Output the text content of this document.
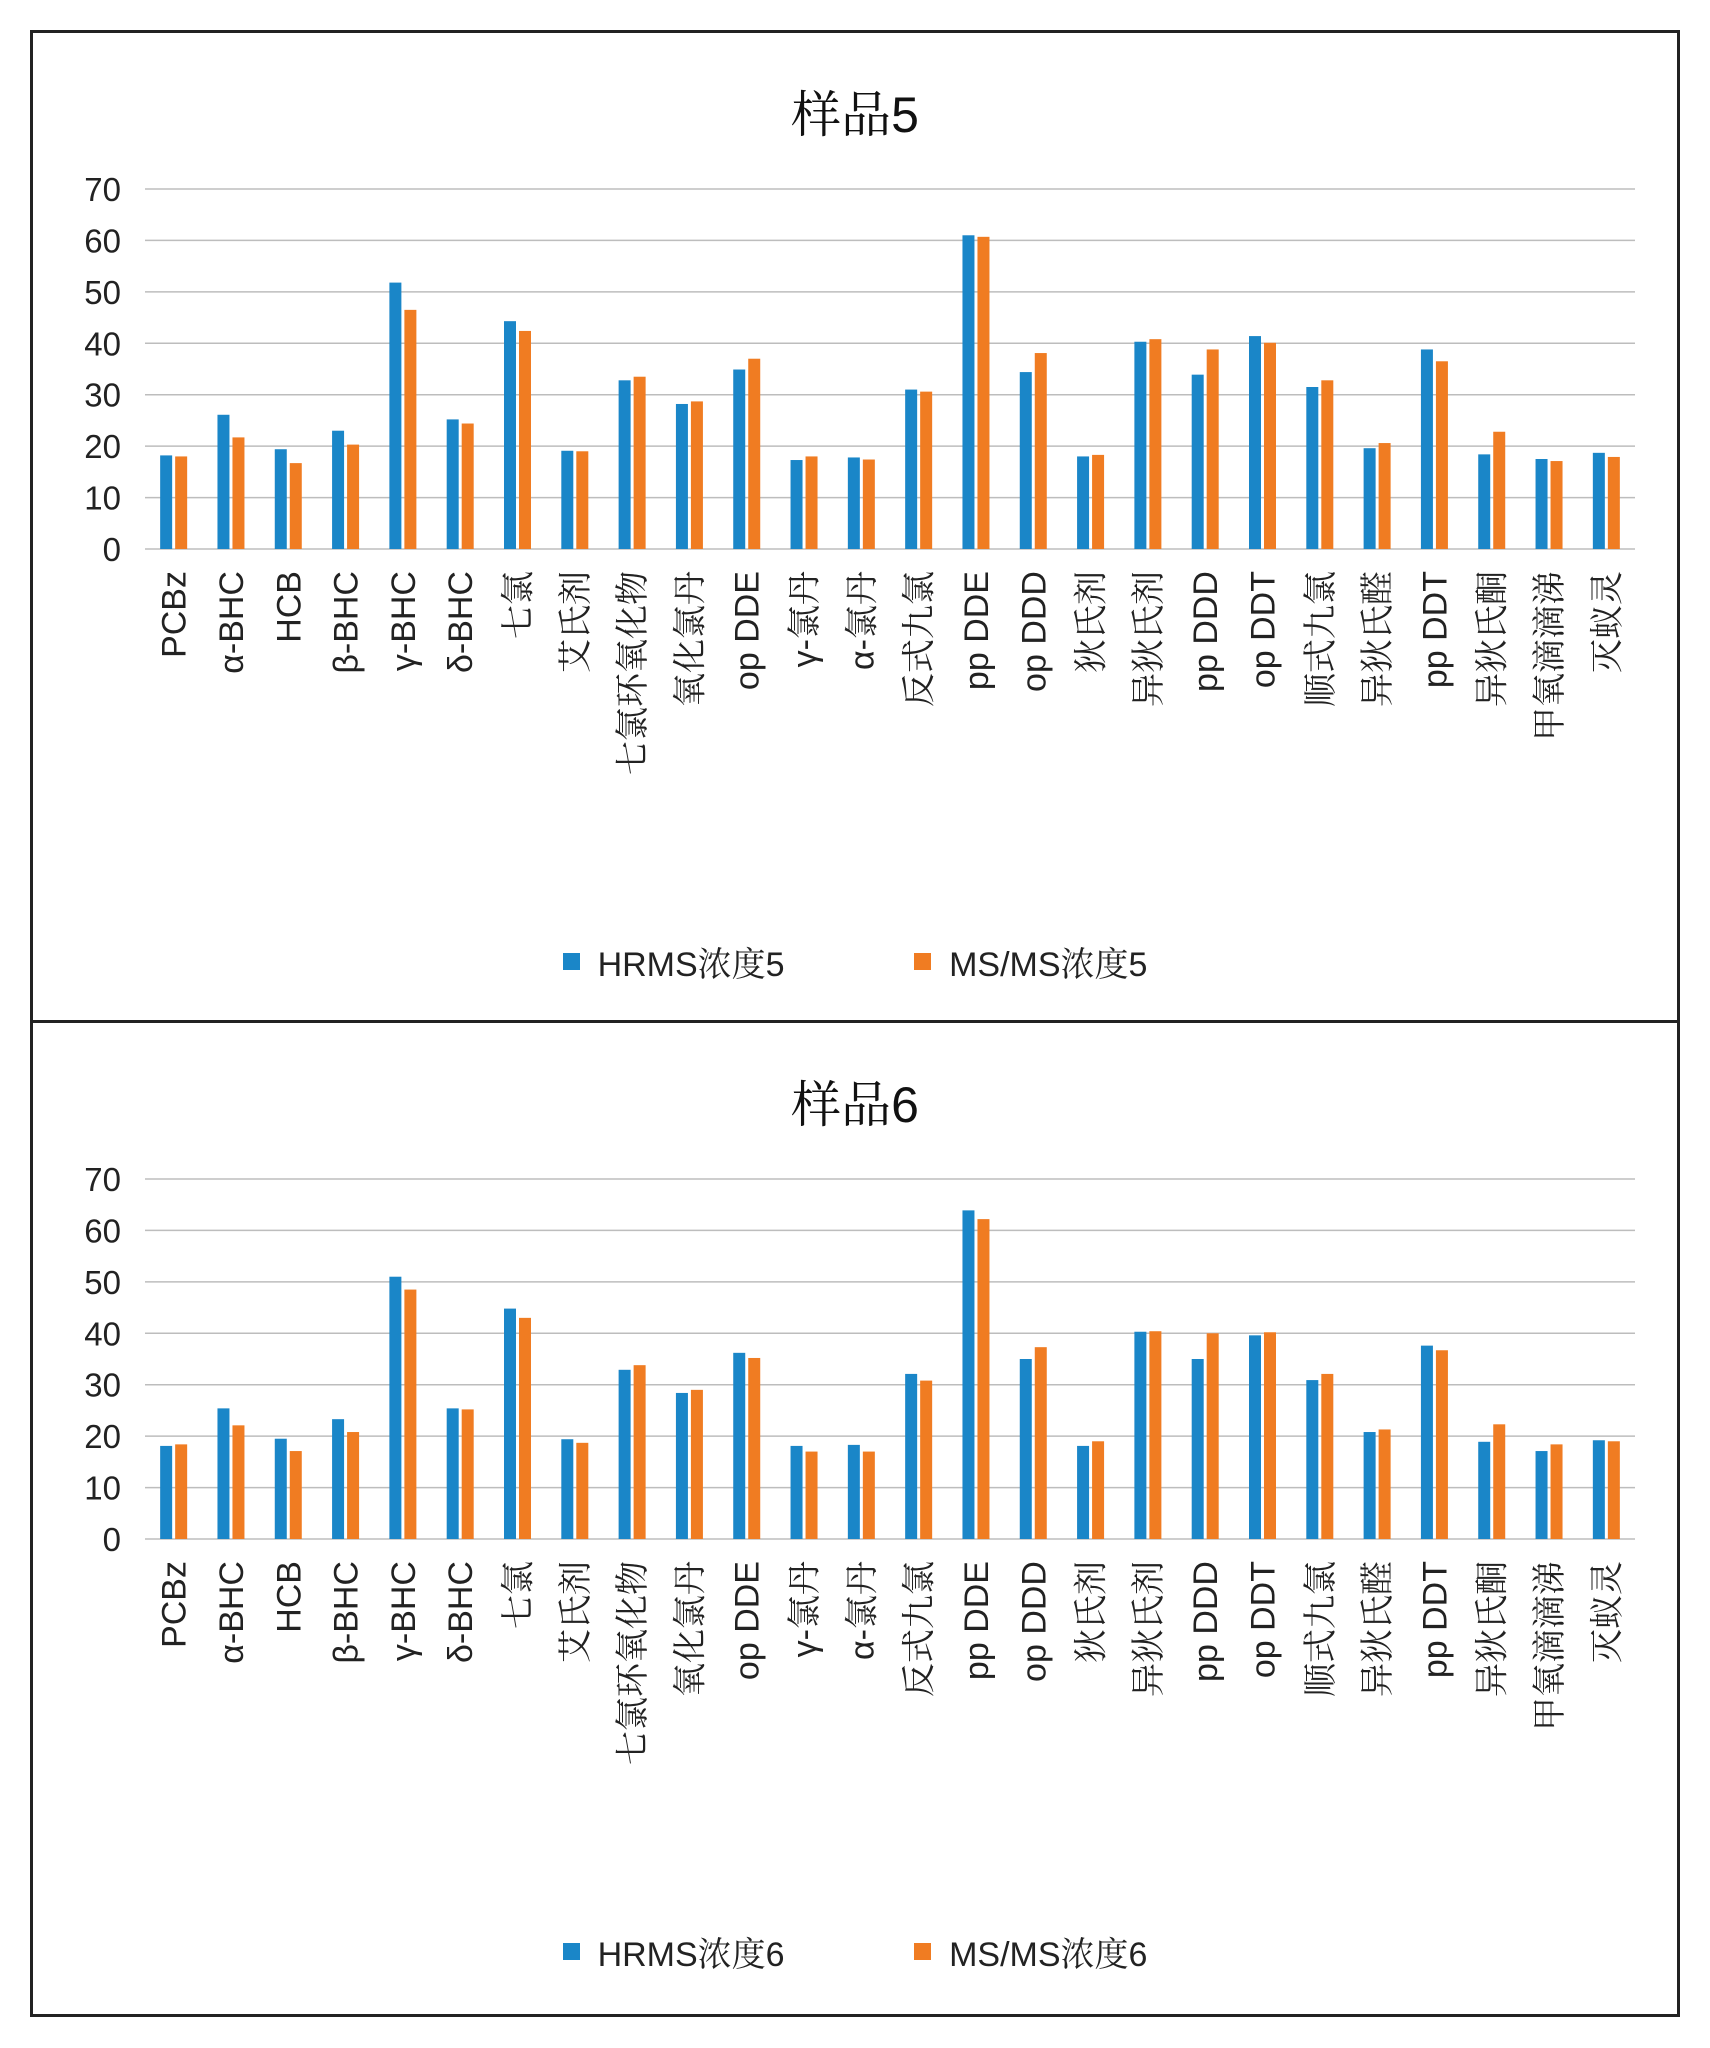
样品5
0
10
20
30
40
50
60
70
PCBz α-BHC HCB β-BHC γ-BHC δ-BHC 七氯 艾氏剂 七氯环氧化物 氧化氯丹 op DDE γ-氯丹 α-氯丹 反式九氯 pp DDE op DDD 狄氏剂 异狄氏剂 pp DDD op DDT 顺式九氯 异狄氏醛 pp DDT 异狄氏酮 甲氧滴滴涕 灭蚁灵
HRMS浓度5
	MS/MS浓度5
样品6
0
10
20
30
40
50
60
70
PCBz α-BHC HCB β-BHC γ-BHC δ-BHC 七氯 艾氏剂 七氯环氧化物 氧化氯丹 op DDE γ-氯丹 α-氯丹 反式九氯 pp DDE op DDD 狄氏剂 异狄氏剂 pp DDD op DDT 顺式九氯 异狄氏醛 pp DDT 异狄氏酮 甲氧滴滴涕 灭蚁灵
HRMS浓度6
	MS/MS浓度6
